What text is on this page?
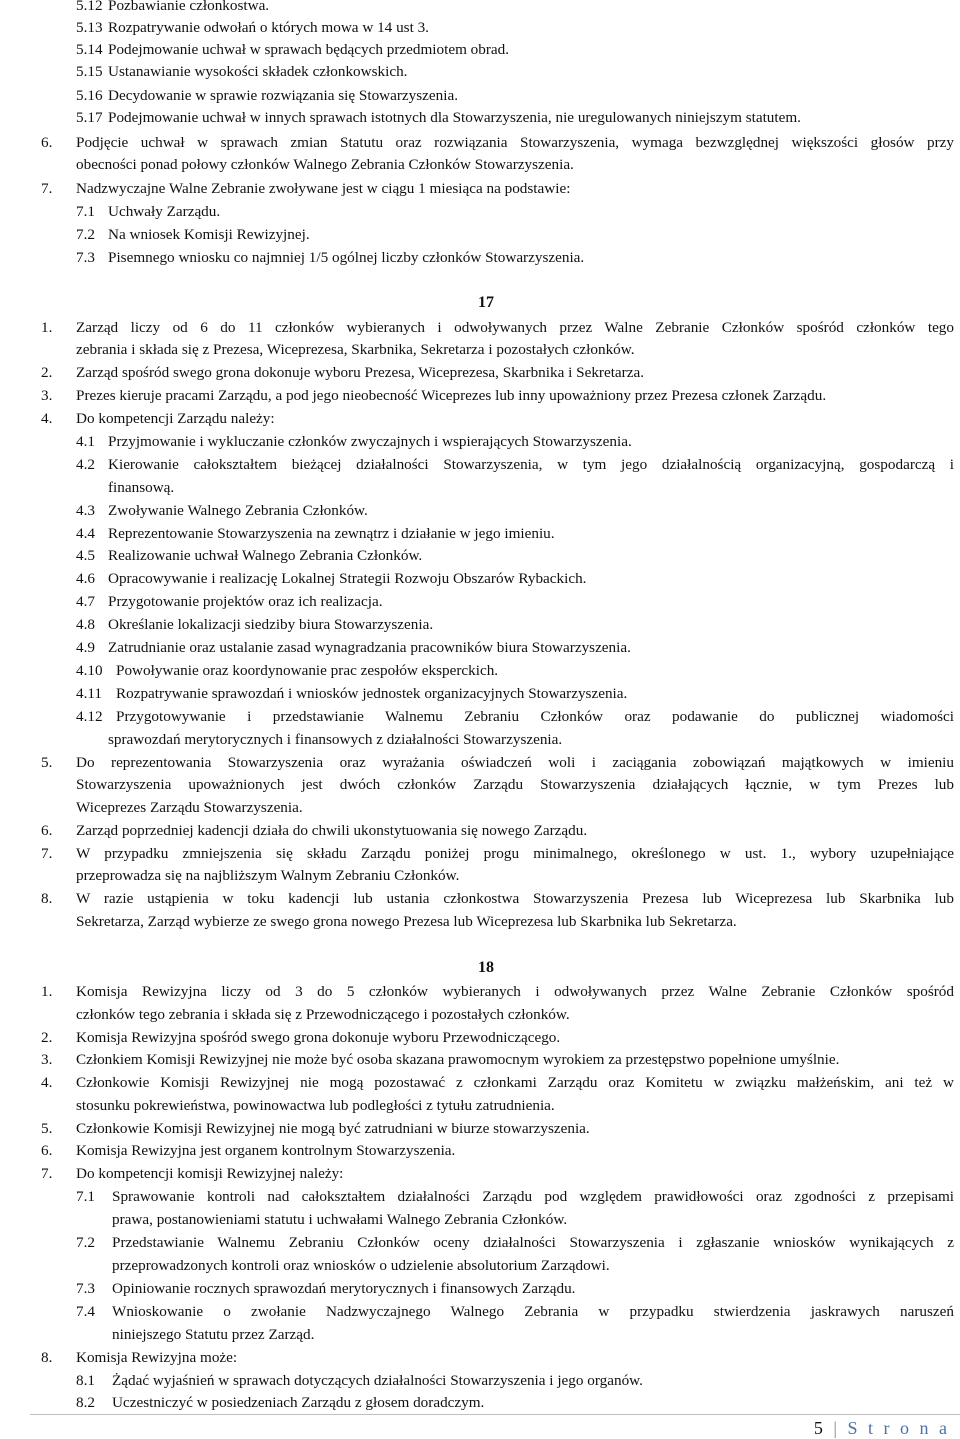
5.12 Pozbawianie członkostwa.
5.13 Rozpatrywanie odwołań o których mowa w 14 ust 3.
5.14 Podejmowanie uchwał w sprawach będących przedmiotem obrad.
5.15 Ustanawianie wysokości składek członkowskich.
5.16 Decydowanie w sprawie rozwiązania się Stowarzyszenia.
5.17 Podejmowanie uchwał w innych sprawach istotnych dla Stowarzyszenia, nie uregulowanych niniejszym statutem.
6. Podjęcie uchwał w sprawach zmian Statutu oraz rozwiązania Stowarzyszenia, wymaga bezwzględnej większości głosów przy
obecności ponad połowy członków Walnego Zebrania Członków Stowarzyszenia.
7. Nadzwyczajne Walne Zebranie zwoływane jest w ciągu 1 miesiąca na podstawie:
7.1 Uchwały Zarządu.
7.2 Na wniosek Komisji Rewizyjnej.
7.3 Pisemnego wniosku co najmniej 1/5 ogólnej liczby członków Stowarzyszenia.
17
1. Zarząd liczy od 6 do 11 członków wybieranych i odwoływanych przez Walne Zebranie Członków spośród członków tego
zebrania i składa się z Prezesa, Wiceprezesa, Skarbnika, Sekretarza i pozostałych członków.
2. Zarząd spośród swego grona dokonuje wyboru Prezesa, Wiceprezesa, Skarbnika i Sekretarza.
3. Prezes kieruje pracami Zarządu, a pod jego nieobecność Wiceprezes lub inny upoważniony przez Prezesa członek Zarządu.
4. Do kompetencji Zarządu należy:
4.1 Przyjmowanie i wykluczanie członków zwyczajnych i wspierających Stowarzyszenia.
4.2 Kierowanie całokształtem bieżącej działalności Stowarzyszenia, w tym jego działalnością organizacyjną, gospodarczą i
finansową.
4.3 Zwoływanie Walnego Zebrania Członków.
4.4 Reprezentowanie Stowarzyszenia na zewnątrz i działanie w jego imieniu.
4.5 Realizowanie uchwał Walnego Zebrania Członków.
4.6 Opracowywanie i realizację Lokalnej Strategii Rozwoju Obszarów Rybackich.
4.7 Przygotowanie projektów oraz ich realizacja.
4.8 Określanie lokalizacji siedziby biura Stowarzyszenia.
4.9 Zatrudnianie oraz ustalanie zasad wynagradzania pracowników biura Stowarzyszenia.
4.10 Powoływanie oraz koordynowanie prac zespołów eksperckich.
4.11 Rozpatrywanie sprawozdań i wniosków jednostek organizacyjnych Stowarzyszenia.
4.12 Przygotowywanie i przedstawianie Walnemu Zebraniu Członków oraz podawanie do publicznej wiadomości
sprawozdań merytorycznych i finansowych z działalności Stowarzyszenia.
5. Do reprezentowania Stowarzyszenia oraz wyrażania oświadczeń woli i zaciągania zobowiązań majątkowych w imieniu
Stowarzyszenia upoważnionych jest dwóch członków Zarządu Stowarzyszenia działających łącznie, w tym Prezes lub
Wiceprezes Zarządu Stowarzyszenia.
6. Zarząd poprzedniej kadencji działa do chwili ukonstytuowania się nowego Zarządu.
7. W przypadku zmniejszenia się składu Zarządu poniżej progu minimalnego, określonego w ust. 1., wybory uzupełniające
przeprowadza się na najbliższym Walnym Zebraniu Członków.
8. W razie ustąpienia w toku kadencji lub ustania członkostwa Stowarzyszenia Prezesa lub Wiceprezesa lub Skarbnika lub
Sekretarza, Zarząd wybierze ze swego grona nowego Prezesa lub Wiceprezesa lub Skarbnika lub Sekretarza.
18
1. Komisja Rewizyjna liczy od 3 do 5 członków wybieranych i odwoływanych przez Walne Zebranie Członków spośród
członków tego zebrania i składa się z Przewodniczącego i pozostałych członków.
2. Komisja Rewizyjna spośród swego grona dokonuje wyboru Przewodniczącego.
3. Członkiem Komisji Rewizyjnej nie może być osoba skazana prawomocnym wyrokiem za przestępstwo popełnione umyślnie.
4. Członkowie Komisji Rewizyjnej nie mogą pozostawać z członkami Zarządu oraz Komitetu w związku małżeńskim, ani też w
stosunku pokrewieństwa, powinowactwa lub podległości z tytułu zatrudnienia.
5. Członkowie Komisji Rewizyjnej nie mogą być zatrudniani w biurze stowarzyszenia.
6. Komisja Rewizyjna jest organem kontrolnym Stowarzyszenia.
7. Do kompetencji komisji Rewizyjnej należy:
7.1 Sprawowanie kontroli nad całokształtem działalności Zarządu pod względem prawidłowości oraz zgodności z przepisami
prawa, postanowieniami statutu i uchwałami Walnego Zebrania Członków.
7.2 Przedstawianie Walnemu Zebraniu Członków oceny działalności Stowarzyszenia i zgłaszanie wniosków wynikających z
przeprowadzonych kontroli oraz wniosków o udzielenie absolutorium Zarządowi.
7.3 Opiniowanie rocznych sprawozdań merytorycznych i finansowych Zarządu.
7.4 Wnioskowanie o zwołanie Nadzwyczajnego Walnego Zebrania w przypadku stwierdzenia jaskrawych naruszeń
niniejszego Statutu przez Zarząd.
8. Komisja Rewizyjna może:
8.1 Żądać wyjaśnień w sprawach dotyczących działalności Stowarzyszenia i jego organów.
8.2 Uczestniczyć w posiedzeniach Zarządu z głosem doradczym.
5 | S t r o n a
